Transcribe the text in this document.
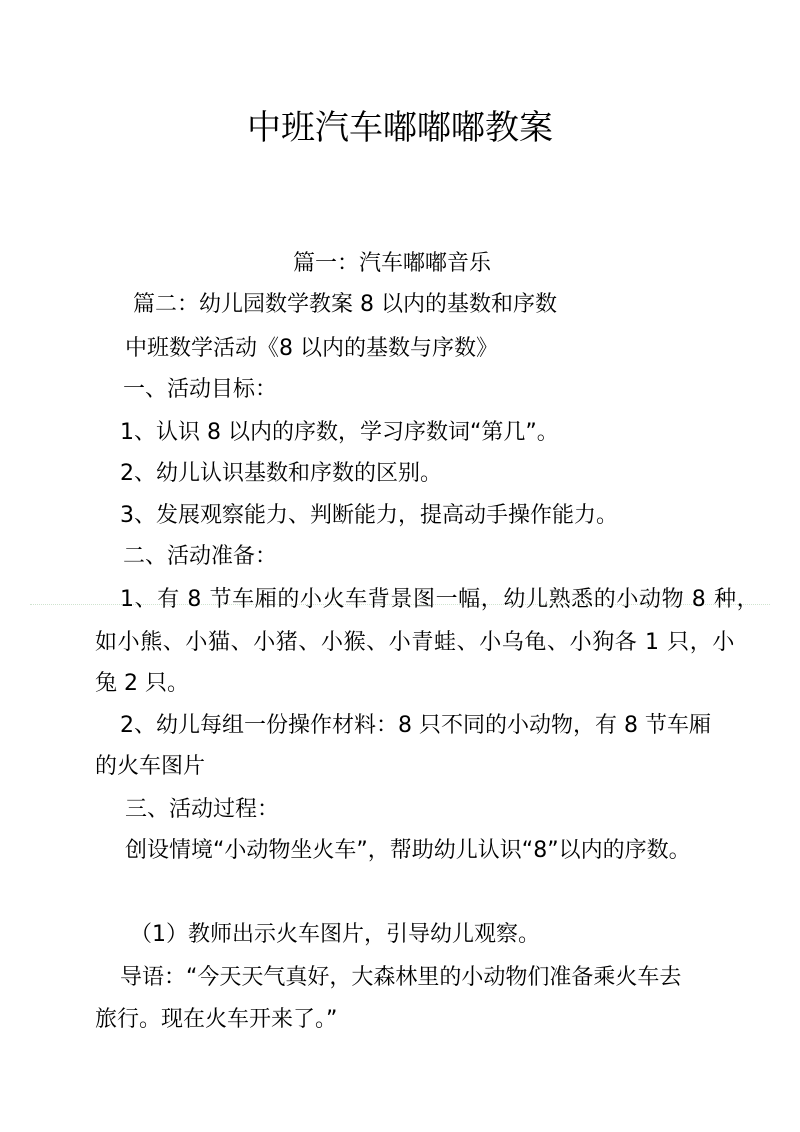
中班汽车嘟嘟嘟教案
篇一：汽车嘟嘟音乐
篇二：幼儿园数学教案 8 以内的基数和序数
中班数学活动《8 以内的基数与序数》
一、活动目标：
1、认识 8 以内的序数，学习序数词“第几”。
2、幼儿认识基数和序数的区别。
3、发展观察能力、判断能力，提高动手操作能力。
二、活动准备：
1、有 8 节车厢的小火车背景图一幅，幼儿熟悉的小动物 8 种，
如小熊、小猫、小猪、小猴、小青蛙、小乌龟、小狗各 1 只，小
兔 2 只。
2、幼儿每组一份操作材料：8 只不同的小动物，有 8 节车厢
的火车图片
三、活动过程：
创设情境“小动物坐火车”，帮助幼儿认识“8”以内的序数。
（1）教师出示火车图片，引导幼儿观察。
导语：“今天天气真好，大森林里的小动物们准备乘火车去
旅行。现在火车开来了。”
